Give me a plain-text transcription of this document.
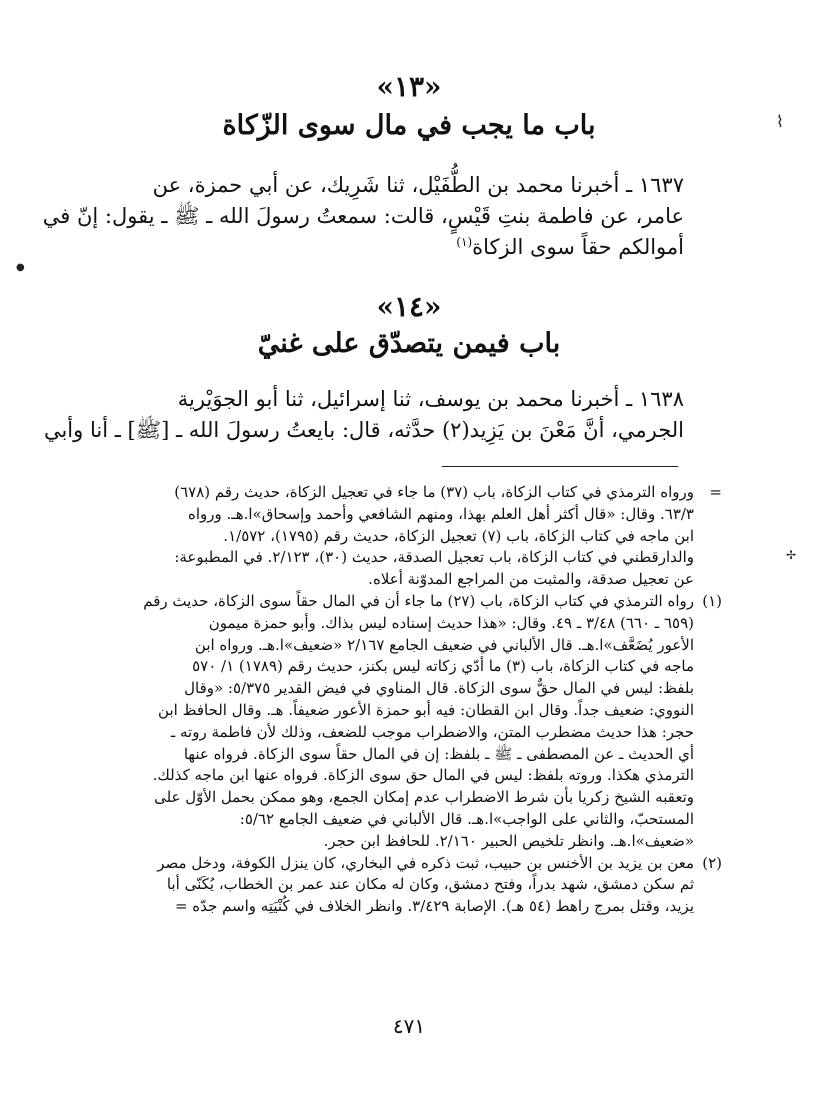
⌇
●
✢
«١٣»
باب ما يجب في مال سوى الزّكاة
١٦٣٧ ـ أخبرنا محمد بن الطُّفَيْل، ثنا شَرِيك، عن أبي حمزة، عن
عامر، عن فاطمة بنتِ قَيْسٍ، قالت: سمعتُ رسولَ الله ـ ﷺ ـ يقول: إنّ في
أموالكم حقاً سوى الزكاة$^{(١)}$
«١٤»
باب فيمن يتصدّق على غنيّ
١٦٣٨ ـ أخبرنا محمد بن يوسف، ثنا إسرائيل، ثنا أبو الجوَيْرية
الجرمي، أنَّ مَعْنَ بن يَزِيد(٢) حدَّثه، قال: بايعتُ رسولَ الله ـ [ﷺ] ـ أنا وأبي
=
ورواه الترمذي في كتاب الزكاة، باب (٣٧) ما جاء في تعجيل الزكاة، حديث رقم (٦٧٨)
٦٣/٣. وقال: «قال أكثر أهل العلم بهذا، ومنهم الشافعي وأحمد وإسحاق»ا.هـ. ورواه
ابن ماجه في كتاب الزكاة، باب (٧) تعجيل الزكاة، حديث رقم (١٧٩٥)، ١/٥٧٢.
والدارقطني في كتاب الزكاة، باب تعجيل الصدقة، حديث (٣٠)، ٢/١٢٣. في المطبوعة:
عن تعجيل صدقة، والمثبت من المراجع المدوّنة أعلاه.
(١)
رواه الترمذي في كتاب الزكاة، باب (٢٧) ما جاء أن في المال حقاً سوى الزكاة، حديث رقم
(٦٥٩ ـ ٦٦٠) ٣/٤٨ ـ ٤٩. وقال: «هذا حديث إسناده ليس بذاك. وأبو حمزة ميمون
الأعور يُضَعَّف»ا.هـ. قال الألباني في ضعيف الجامع ٢/١٦٧ «ضعيف»ا.هـ. ورواه ابن
ماجه في كتاب الزكاة، باب (٣) ما أدّي زكاته ليس بكنز، حديث رقم (١٧٨٩) ١/ ٥٧٠
بلفظ: ليس في المال حقٌّ سوى الزكاة. قال المناوي في فيض القدير ٥/٣٧٥: «وقال
النووي: ضعيف جداً. وقال ابن القطان: فيه أبو حمزة الأعور ضعيفاً. هـ. وقال الحافظ ابن
حجر: هذا حديث مضطرب المتن، والاضطراب موجب للضعف، وذلك لأن فاطمة روته ـ
أي الحديث ـ عن المصطفى ـ ﷺ ـ بلفظ: إن في المال حقاً سوى الزكاة. فرواه عنها
الترمذي هكذا. وروته بلفظ: ليس في المال حق سوى الزكاة. فرواه عنها ابن ماجه كذلك.
وتعقبه الشيخ زكريا بأن شرط الاضطراب عدم إمكان الجمع، وهو ممكن بحمل الأوّل على
المستحبّ، والثاني على الواجب»ا.هـ. قال الألباني في ضعيف الجامع ٥/٦٢:
«ضعيف»ا.هـ. وانظر تلخيص الحبير ٢/١٦٠. للحافظ ابن حجر.
(٢)
معن بن يزيد بن الأخنس بن حبيب، ثبت ذكره في البخاري، كان ينزل الكوفة، ودخل مصر
ثم سكن دمشق، شهد بدراً، وفتح دمشق، وكان له مكان عند عمر بن الخطاب، يُكَنّى أبا
يزيد، وقتل بمرج راهط (٥٤ هـ). الإصابة ٣/٤٢٩. وانظر الخلاف في كُنْيَتِه واسم جدّه =
٤٧١
